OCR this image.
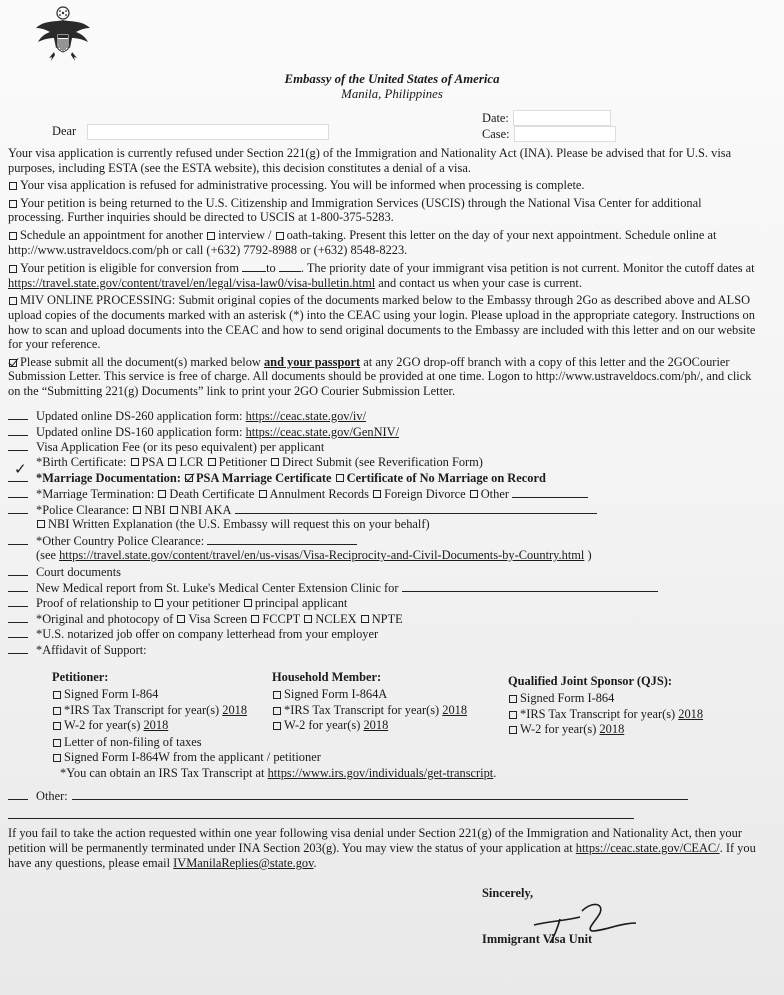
Embassy of the United States of America
Manila, Philippines
Dear
Date:
Case:

Your visa application is currently refused under Section 221(g) of the Immigration and Nationality Act (INA). Please be advised that for U.S. visa purposes, including ESTA (see the ESTA website), this decision constitutes a denial of a visa.

Your visa application is refused for administrative processing. You will be informed when processing is complete.

Your petition is being returned to the U.S. Citizenship and Immigration Services (USCIS) through the National Visa Center for additional processing. Further inquiries should be directed to USCIS at 1-800-375-5283.

Schedule an appointment for another interview / oath-taking. Present this letter on the day of your next appointment. Schedule online at http://www.ustraveldocs.com/ph or call (+632) 7792-8988 or (+632) 8548-8223.

Your petition is eligible for conversion from to . The priority date of your immigrant visa petition is not current. Monitor the cutoff dates at https://travel.state.gov/content/travel/en/legal/visa-law0/visa-bulletin.html and contact us when your case is current.

MIV ONLINE PROCESSING: Submit original copies of the documents marked below to the Embassy through 2Go as described above and ALSO upload copies of the documents marked with an asterisk (*) into the CEAC using your login. Please upload in the appropriate category. Instructions on how to scan and upload documents into the CEAC and how to send original documents to the Embassy are included with this letter and on our website for your reference.

Please submit all the document(s) marked below and your passport at any 2GO drop-off branch with a copy of this letter and the 2GOCourier Submission Letter. This service is free of charge. All documents should be provided at one time. Logon to http://www.ustraveldocs.com/ph/, and click on the “Submitting 221(g) Documents” link to print your 2GO Courier Submission Letter.

Updated online DS-260 application form:
https://ceac.state.gov/iv/
Updated online DS-160 application form:
https://ceac.state.gov/GenNIV/
Visa Application Fee (or its peso equivalent) per applicant
*Birth Certificate:
PSA
LCR
Petitioner
Direct Submit (see Reverification Form)
✓ *Marriage Documentation:
PSA Marriage Certificate
Certificate of No Marriage on Record
*Marriage Termination:
Death Certificate
Annulment Records
Foreign Divorce
Other

*Police Clearance:
NBI
NBI AKA

NBI Written Explanation (the U.S. Embassy will request this on your behalf)
*Other Country Police Clearance:

(see
https://travel.state.gov/content/travel/en/us-visas/Visa-Reciprocity-and-Civil-Documents-by-Country.html
)
Court documents
New Medical report from St. Luke's Medical Center Extension Clinic for

Proof of relationship to
your petitioner
principal applicant
*Original and photocopy of
Visa Screen
FCCPT
NCLEX
NPTE
*U.S. notarized job offer on company letterhead from your employer
*Affidavit of Support:
Petitioner:
Signed Form I-864
*IRS Tax Transcript for year(s) 2018
W-2 for year(s) 2018
Household Member:
Signed Form I-864A
*IRS Tax Transcript for year(s) 2018
W-2 for year(s) 2018
Qualified Joint Sponsor (QJS):
Signed Form I-864
*IRS Tax Transcript for year(s) 2018
W-2 for year(s) 2018
Letter of non-filing of taxes
Signed Form I-864W from the applicant / petitioner
*You can obtain an IRS Tax Transcript at https://www.irs.gov/individuals/get-transcript.
Other:
If you fail to take the action requested within one year following visa denial under Section 221(g) of the Immigration and Nationality Act, then your petition will be permanently terminated under INA Section 203(g). You may view the status of your application at https://ceac.state.gov/CEAC/. If you have any questions, please email IVManilaReplies@state.gov.
Sincerely,
Immigrant Visa Unit
